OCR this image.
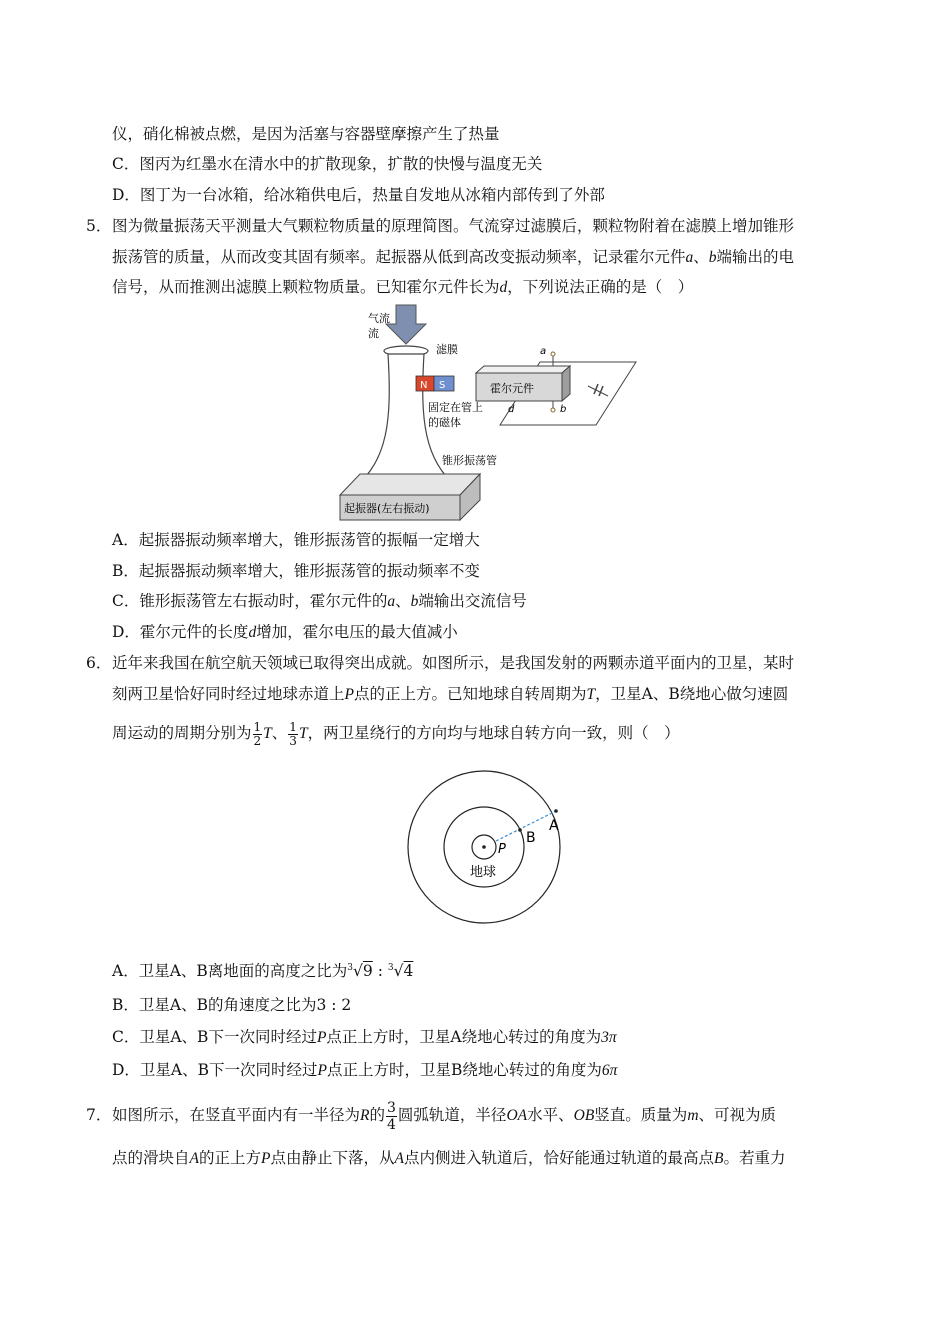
仪，硝化棉被点燃，是因为活塞与容器壁摩擦产生了热量
C．图丙为红墨水在清水中的扩散现象，扩散的快慢与温度无关
D．图丁为一台冰箱，给冰箱供电后，热量自发地从冰箱内部传到了外部
5．图为微量振荡天平测量大气颗粒物质量的原理简图。气流穿过滤膜后，颗粒物附着在滤膜上增加锥形
振荡管的质量，从而改变其固有频率。起振器从低到高改变振动频率，记录霍尔元件a、b端输出的电
信号，从而推测出滤膜上颗粒物质量。已知霍尔元件长为d，下列说法正确的是（　）
气流
流
滤膜
N S
固定在管上
的磁体
锥形振荡管
起振器(左右振动)
霍尔元件
a
b
d
A．起振器振动频率增大，锥形振荡管的振幅一定增大
B．起振器振动频率增大，锥形振荡管的振动频率不变
C．锥形振荡管左右振动时，霍尔元件的a、b端输出交流信号
D．霍尔元件的长度d增加，霍尔电压的最大值减小
6．近年来我国在航空航天领域已取得突出成就。如图所示，是我国发射的两颗赤道平面内的卫星，某时
刻两卫星恰好同时经过地球赤道上P点的正上方。已知地球自转周期为T，卫星A、B绕地心做匀速圆
周运动的周期分别为 $\frac{1}{2}$ T、 $\frac{1}{3}$ T，两卫星绕行的方向均与地球自转方向一致，则（　）
B
A
P
地球
A．卫星A、B离地面的高度之比为$^3$√9 : $^3$√4
B．卫星A、B的角速度之比为3 : 2
C．卫星A、B下一次同时经过P点正上方时，卫星A绕地心转过的角度为3π
D．卫星A、B下一次同时经过P点正上方时，卫星B绕地心转过的角度为6π
7．如图所示，在竖直平面内有一半径为R的 $\frac{3}{4}$ 圆弧轨道，半径OA水平、OB竖直。质量为m、可视为质
点的滑块自A的正上方P点由静止下落，从A点内侧进入轨道后，恰好能通过轨道的最高点B。若重力
